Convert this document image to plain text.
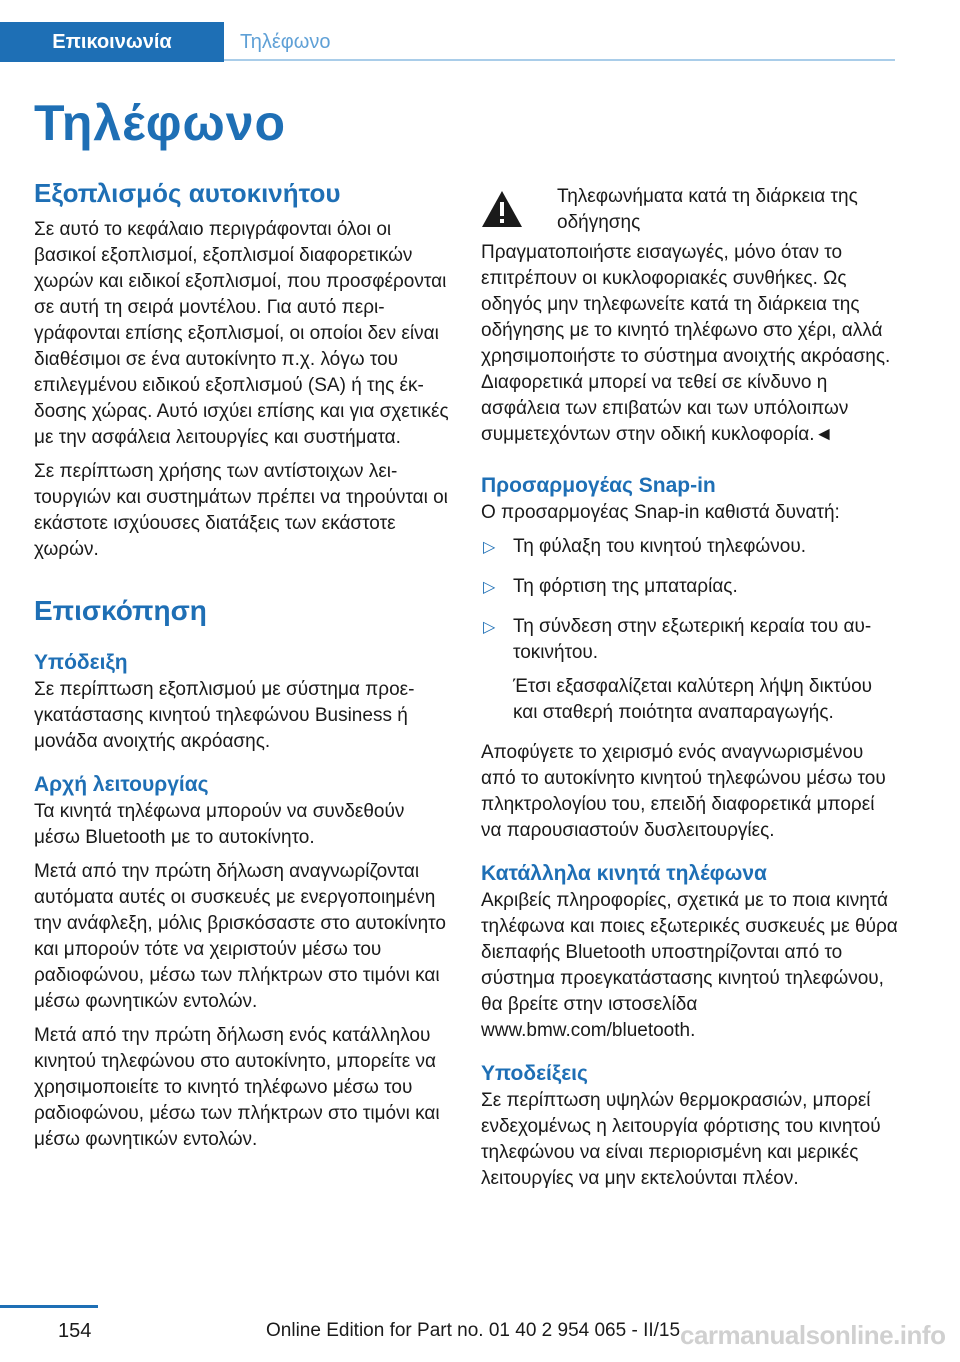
Επικοινωνία	Τηλέφωνο
Τηλέφωνο
Εξοπλισμός αυτοκινήτου

Σε αυτό το κεφάλαιο περιγράφονται όλοι οι βασικοί εξοπλισμοί, εξοπλισμοί διαφορετικών χωρών και ειδικοί εξοπλισμοί, που προσφέρονται σε αυτή τη σειρά μοντέλου. Για αυτό περιγράφονται επίσης εξοπλισμοί, οι οποίοι δεν είναι διαθέσιμοι σε ένα αυτοκίνητο π.χ. λόγω του επιλεγμένου ειδικού εξοπλισμού (SA) ή της έκδοσης χώρας. Αυτό ισχύει επίσης και για σχετικές με την ασφάλεια λειτουργίες και συστήματα.

Σε περίπτωση χρήσης των αντίστοιχων λειτουργιών και συστημάτων πρέπει να τηρούνται οι εκάστοτε ισχύουσες διατάξεις των εκάστοτε χωρών.

Επισκόπηση
Υπόδειξη

Σε περίπτωση εξοπλισμού με σύστημα προεγκατάστασης κινητού τηλεφώνου Business ή μονάδα ανοιχτής ακρόασης.

Αρχή λειτουργίας

Τα κινητά τηλέφωνα μπορούν να συνδεθούν μέσω Bluetooth με το αυτοκίνητο.

Μετά από την πρώτη δήλωση αναγνωρίζονται αυτόματα αυτές οι συσκευές με ενεργοποιημένη την ανάφλεξη, μόλις βρισκόσαστε στο αυτοκίνητο και μπορούν τότε να χειριστούν μέσω του ραδιοφώνου, μέσω των πλήκτρων στο τιμόνι και μέσω φωνητικών εντολών.

Μετά από την πρώτη δήλωση ενός κατάλληλου κινητού τηλεφώνου στο αυτοκίνητο, μπορείτε να χρησιμοποιείτε το κινητό τηλέφωνο μέσω του ραδιοφώνου, μέσω των πλήκτρων στο τιμόνι και μέσω φωνητικών εντολών.

Τηλεφωνήματα κατά τη διάρκεια της οδήγησης

Πραγματοποιήστε εισαγωγές, μόνο όταν το επιτρέπουν οι κυκλοφοριακές συνθήκες. Ως οδηγός μην τηλεφωνείτε κατά τη διάρκεια της οδήγησης με το κινητό τηλέφωνο στο χέρι, αλλά χρησιμοποιήστε το σύστημα ανοιχτής ακρόασης. Διαφορετικά μπορεί να τεθεί σε κίνδυνο η ασφάλεια των επιβατών και των υπόλοιπων συμμετεχόντων στην οδική κυκλοφορία.◄

Προσαρμογέας Snap-in

Ο προσαρμογέας Snap-in καθιστά δυνατή:

▷ Τη φύλαξη του κινητού τηλεφώνου.
▷ Τη φόρτιση της μπαταρίας.
▷ Τη σύνδεση στην εξωτερική κεραία του αυτοκινήτου.

Έτσι εξασφαλίζεται καλύτερη λήψη δικτύου και σταθερή ποιότητα αναπαραγωγής.

Αποφύγετε το χειρισμό ενός αναγνωρισμένου από το αυτοκίνητο κινητού τηλεφώνου μέσω του πληκτρολογίου του, επειδή διαφορετικά μπορεί να παρουσιαστούν δυσλειτουργίες.

Κατάλληλα κινητά τηλέφωνα

Ακριβείς πληροφορίες, σχετικά με το ποια κινητά τηλέφωνα και ποιες εξωτερικές συσκευές με θύρα διεπαφής Bluetooth υποστηρίζονται από το σύστημα προεγκατάστασης κινητού τηλεφώνου, θα βρείτε στην ιστοσελίδα www.bmw.com/bluetooth.

Υποδείξεις

Σε περίπτωση υψηλών θερμοκρασιών, μπορεί ενδεχομένως η λειτουργία φόρτισης του κινητού τηλεφώνου να είναι περιορισμένη και μερικές λειτουργίες να μην εκτελούνται πλέον.

154	Online Edition for Part no. 01 40 2 954 065 - II/15 carmanualsonline.info
